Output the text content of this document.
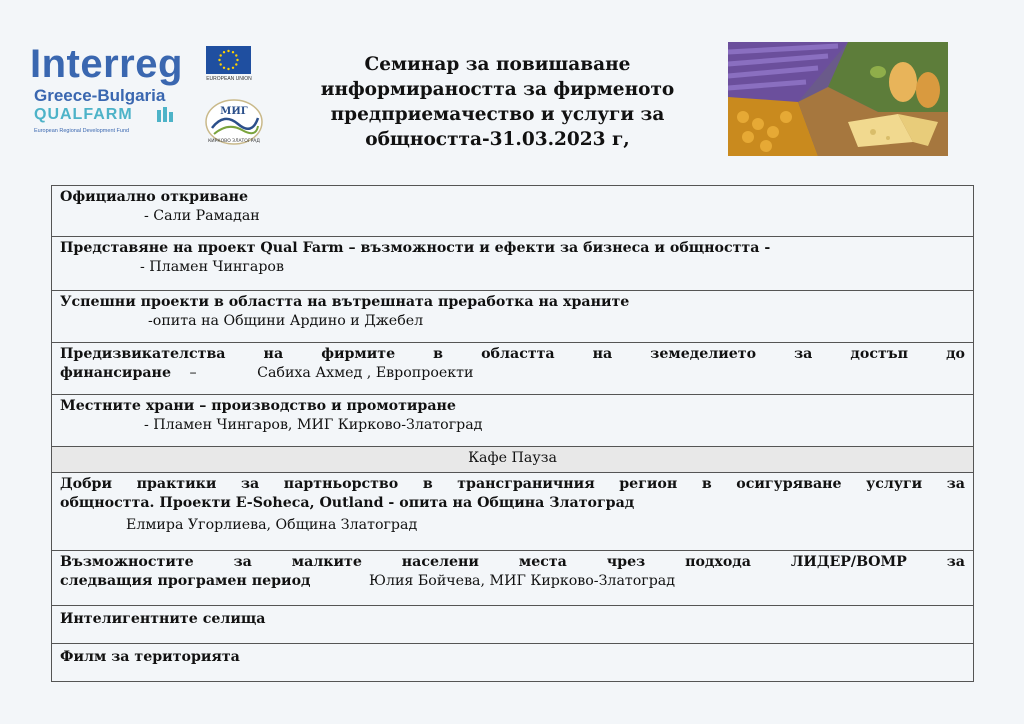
Interreg
Greece-Bulgaria
QUALFARM
European Regional Development Fund
EUROPEAN UNION
МИГ
КИРКОВО ЗЛАТОГРАД
Семинар за повишаване
информираността за фирменото
предприемачество и услуги за
общността-31.03.2023 г,
Официално откриване
- Сали Рамадан
Представяне на проект Qual Farm – възможности и ефекти за бизнеса и общността -
- Пламен Чингаров
Успешни проекти в областта на вътрешната преработка на храните
-опита на Общини Ардино и Джебел
Предизвикателства на фирмите в областта на земеделието за достъп до
финансиране –	Сабиха Ахмед , Европроекти
Местните храни – производство и промотиране
- Пламен Чингаров, МИГ Кирково-Златоград
Кафе Пауза
Добри практики за партньорство в трансграничния регион в осигуряване услуги за
общността. Проекти E-Soheca, Outland - опита на Община Златоград
Елмира Угорлиева, Община Златоград
Възможностите за малките населени места чрез подхода ЛИДЕР/ВОМР за
следващия програмен период	Юлия Бойчева, МИГ Кирково-Златоград
Интелигентните селища
Филм за територията
